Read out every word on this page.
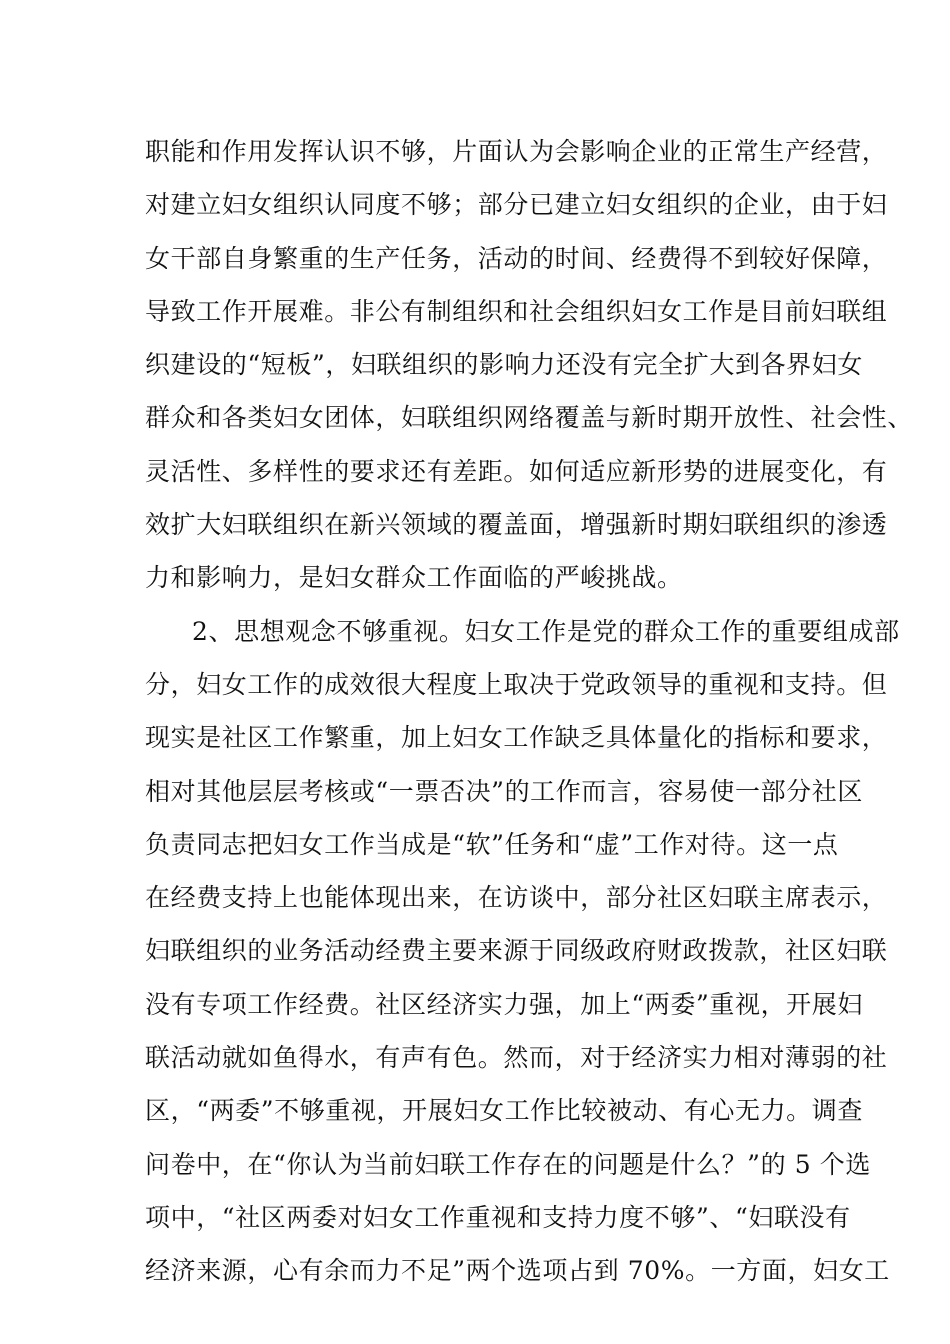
职能和作用发挥认识不够，片面认为会影响企业的正常生产经营，
对建立妇女组织认同度不够；部分已建立妇女组织的企业，由于妇
女干部自身繁重的生产任务，活动的时间、经费得不到较好保障，
导致工作开展难。非公有制组织和社会组织妇女工作是目前妇联组
织建设的“短板”，妇联组织的影响力还没有完全扩大到各界妇女
群众和各类妇女团体，妇联组织网络覆盖与新时期开放性、社会性、
灵活性、多样性的要求还有差距。如何适应新形势的进展变化，有
效扩大妇联组织在新兴领域的覆盖面，增强新时期妇联组织的渗透
力和影响力，是妇女群众工作面临的严峻挑战。
2、思想观念不够重视。妇女工作是党的群众工作的重要组成部
分，妇女工作的成效很大程度上取决于党政领导的重视和支持。但
现实是社区工作繁重，加上妇女工作缺乏具体量化的指标和要求，
相对其他层层考核或“一票否决”的工作而言，容易使一部分社区
负责同志把妇女工作当成是“软”任务和“虚”工作对待。这一点
在经费支持上也能体现出来，在访谈中，部分社区妇联主席表示，
妇联组织的业务活动经费主要来源于同级政府财政拨款，社区妇联
没有专项工作经费。社区经济实力强，加上“两委”重视，开展妇
联活动就如鱼得水，有声有色。然而，对于经济实力相对薄弱的社
区，“两委”不够重视，开展妇女工作比较被动、有心无力。调查
问卷中，在“你认为当前妇联工作存在的问题是什么？”的 5 个选
项中，“社区两委对妇女工作重视和支持力度不够”、“妇联没有
经济来源，心有余而力不足”两个选项占到 70%。一方面，妇女工
